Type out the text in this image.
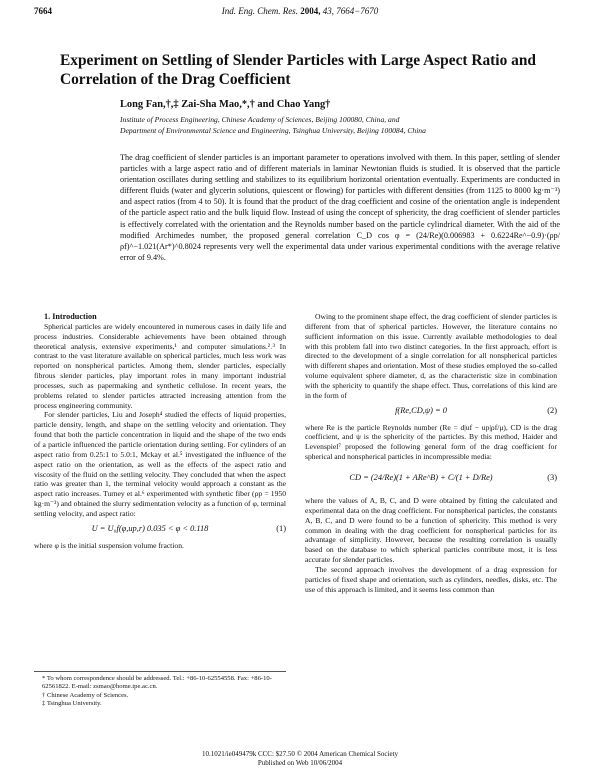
7664	Ind. Eng. Chem. Res. 2004, 43, 7664−7670
Experiment on Settling of Slender Particles with Large Aspect Ratio and Correlation of the Drag Coefficient

Long Fan,†,‡ Zai-Sha Mao,*,† and Chao Yang†

Institute of Process Engineering, Chinese Academy of Sciences, Beijing 100080, China, and
Department of Environmental Science and Engineering, Tsinghua University, Beijing 100084, China

The drag coefficient of slender particles is an important parameter to operations involved with them. In this paper, settling of slender particles with a large aspect ratio and of different materials in laminar Newtonian fluids is studied. It is observed that the particle orientation oscillates during settling and stabilizes to its equilibrium horizontal orientation eventually. Experiments are conducted in different fluids (water and glycerin solutions, quiescent or flowing) for particles with different densities (from 1125 to 8000 kg·m⁻³) and aspect ratios (from 4 to 50). It is found that the product of the drag coefficient and cosine of the orientation angle is independent of the particle aspect ratio and the bulk liquid flow. Instead of using the concept of sphericity, the drag coefficient of slender particles is effectively correlated with the orientation and the Reynolds number based on the particle cylindrical diameter. With the aid of the modified Archimedes number, the proposed general correlation C_D cos φ = (24/Re)(0.006983 + 0.6224Re^−0.9)·(ρp/ρf)^−1.021(Ar*)^0.8024 represents very well the experimental data under various experimental conditions with the average relative error of 9.4%.

1. Introduction

Spherical particles are widely encountered in numerous cases in daily life and process industries. Considerable achievements have been obtained through theoretical analysis, extensive experiments,¹ and computer simulations.²˒³ In contrast to the vast literature available on spherical particles, much less work was reported on nonspherical particles. Among them, slender particles, especially fibrous slender particles, play important roles in many important industrial processes, such as papermaking and synthetic cellulose. In recent years, the problems related to slender particles attracted increasing attention from the process engineering community.

For slender particles, Liu and Joseph⁴ studied the effects of liquid properties, particle density, length, and shape on the settling velocity and orientation. They found that both the particle concentration in liquid and the shape of the two ends of a particle influenced the particle orientation during settling. For cylinders of an aspect ratio from 0.25:1 to 5.0:1, Mckay et al.⁵ investigated the influence of the aspect ratio on the orientation, as well as the effects of the aspect ratio and viscosity of the fluid on the settling velocity. They concluded that when the aspect ratio was greater than 1, the terminal velocity would approach a constant as the aspect ratio increases. Turney et al.⁶ experimented with synthetic fiber (ρp = 1950 kg·m⁻³) and obtained the slurry sedimentation velocity as a function of φ, terminal settling velocity, and aspect ratio:

U = U₀f(φ,up,r) 0.035 < φ < 0.118	(1)

where φ is the initial suspension volume fraction.

* To whom correspondence should be addressed. Tel.: +86-10-62554558. Fax: +86-10-62561822. E-mail: zsmao@home.ipe.ac.cn.

† Chinese Academy of Sciences.

‡ Tsinghua University.

Owing to the prominent shape effect, the drag coefficient of slender particles is different from that of spherical particles. However, the literature contains no sufficient information on this issue. Currently available methodologies to deal with this problem fall into two distinct categories. In the first approach, effort is directed to the development of a single correlation for all nonspherical particles with different shapes and orientation. Most of these studies employed the so-called volume equivalent sphere diameter, d, as the characteristic size in combination with the sphericity to quantify the shape effect. Thus, correlations of this kind are in the form of

f(Re,CD,ψ) = 0	(2)

where Re is the particle Reynolds number (Re = d|uf − up|ρf/μ), CD is the drag coefficient, and ψ is the sphericity of the particles. By this method, Haider and Levenspiel⁷ proposed the following general form of the drag coefficient for spherical and nonspherical particles in incompressible media:

CD = (24/Re)(1 + ARe^B) + C/(1 + D/Re)	(3)

where the values of A, B, C, and D were obtained by fitting the calculated and experimental data on the drag coefficient. For nonspherical particles, the constants A, B, C, and D were found to be a function of sphericity. This method is very common in dealing with the drag coefficient for nonspherical particles for its advantage of simplicity. However, because the resulting correlation is usually based on the database to which spherical particles contribute most, it is less accurate for slender particles.

The second approach involves the development of a drag expression for particles of fixed shape and orientation, such as cylinders, needles, disks, etc. The use of this approach is limited, and it seems less common than

10.1021/ie049479k CCC: $27.50 © 2004 American Chemical Society
Published on Web 10/06/2004
